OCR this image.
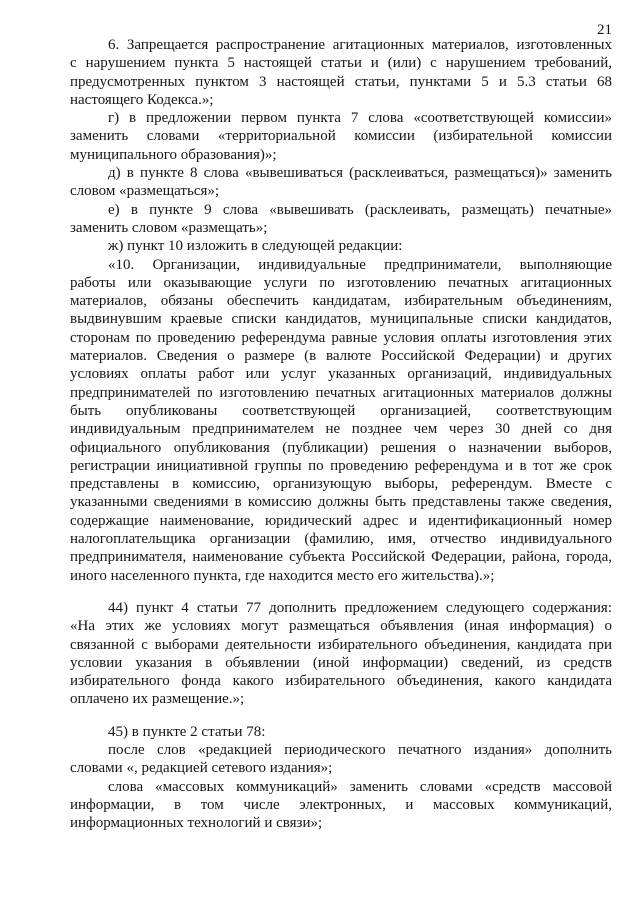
21
6. Запрещается распространение агитационных материалов, изготовленных
с нарушением пункта 5 настоящей статьи и (или) с нарушением требований,
предусмотренных пунктом 3 настоящей статьи, пунктами 5 и 5.3 статьи 68
настоящего Кодекса.»;
г) в предложении первом пункта 7 слова «соответствующей комиссии»
заменить словами «территориальной комиссии (избирательной комиссии
муниципального образования)»;
д) в пункте 8 слова «вывешиваться (расклеиваться, размещаться)» заменить
словом «размещаться»;
е) в пункте 9 слова «вывешивать (расклеивать, размещать) печатные»
заменить словом «размещать»;
ж) пункт 10 изложить в следующей редакции:
«10. Организации, индивидуальные предприниматели, выполняющие
работы или оказывающие услуги по изготовлению печатных агитационных
материалов, обязаны обеспечить кандидатам, избирательным объединениям,
выдвинувшим краевые списки кандидатов, муниципальные списки кандидатов,
сторонам по проведению референдума равные условия оплаты изготовления этих
материалов. Сведения о размере (в валюте Российской Федерации) и других
условиях оплаты работ или услуг указанных организаций, индивидуальных
предпринимателей по изготовлению печатных агитационных материалов должны
быть опубликованы соответствующей организацией, соответствующим
индивидуальным предпринимателем не позднее чем через 30 дней со дня
официального опубликования (публикации) решения о назначении выборов,
регистрации инициативной группы по проведению референдума и в тот же срок
представлены в комиссию, организующую выборы, референдум. Вместе с
указанными сведениями в комиссию должны быть представлены также сведения,
содержащие наименование, юридический адрес и идентификационный номер
налогоплательщика организации (фамилию, имя, отчество индивидуального
предпринимателя, наименование субъекта Российской Федерации, района, города,
иного населенного пункта, где находится место его жительства).»;
44) пункт 4 статьи 77 дополнить предложением следующего содержания:
«На этих же условиях могут размещаться объявления (иная информация) о
связанной с выборами деятельности избирательного объединения, кандидата при
условии указания в объявлении (иной информации) сведений, из средств
избирательного фонда какого избирательного объединения, какого кандидата
оплачено их размещение.»;
45) в пункте 2 статьи 78:
после слов «редакцией периодического печатного издания» дополнить
словами «, редакцией сетевого издания»;
слова «массовых коммуникаций» заменить словами «средств массовой
информации, в том числе электронных, и массовых коммуникаций,
информационных технологий и связи»;
